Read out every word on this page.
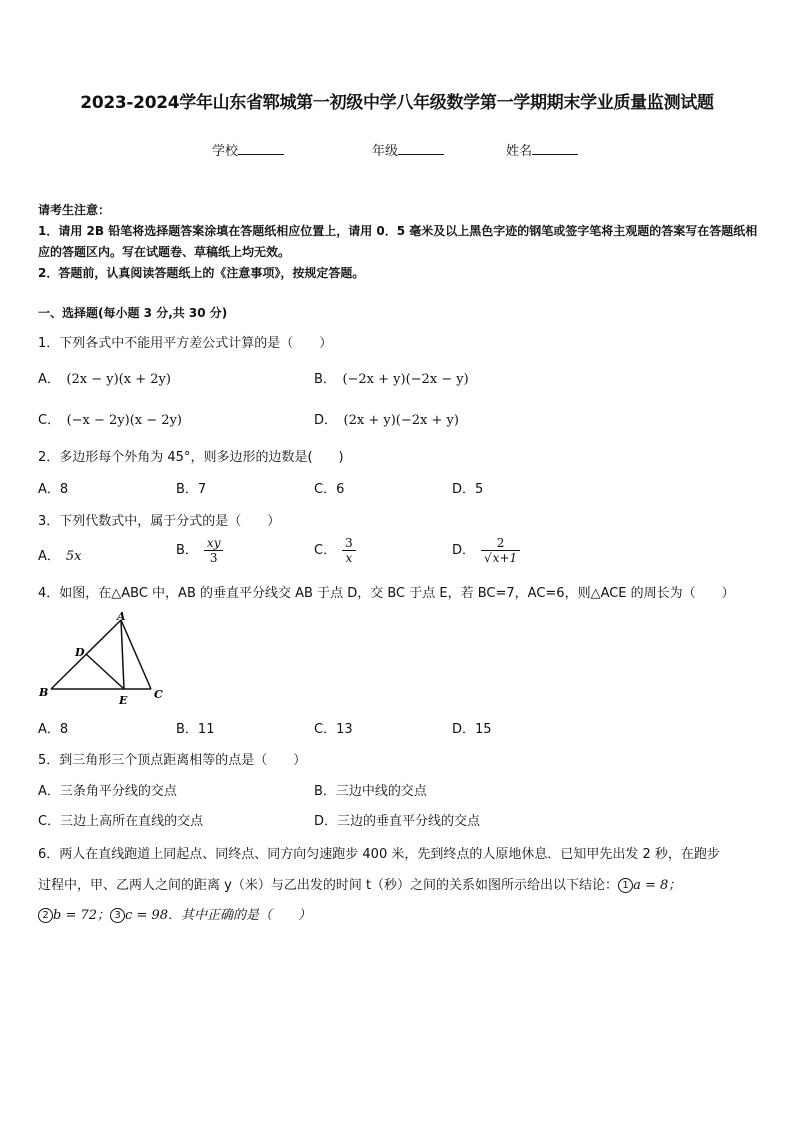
2023-2024学年山东省郓城第一初级中学八年级数学第一学期期末学业质量监测试题
学校	年级	姓名
请考生注意：
1．请用 2B 铅笔将选择题答案涂填在答题纸相应位置上，请用 0．5 毫米及以上黑色字迹的钢笔或签字笔将主观题的答案写在答题纸相应的答题区内。写在试题卷、草稿纸上均无效。
2．答题前，认真阅读答题纸上的《注意事项》，按规定答题。
一、选择题(每小题 3 分,共 30 分)
1．下列各式中不能用平方差公式计算的是（　　）
A．　 (2x − y)(x + 2y)	B．　 (−2x + y)(−2x − y)
C．　 (−x − 2y)(x − 2y)	D．　 (2x + y)(−2x + y)
2．多边形每个外角为 45°，则多边形的边数是(　　)
A．8	B．7	C．6	D．5
3．下列代数式中，属于分式的是（　　）
A． 5x	B． $\frac{xy}{3}$	C． $\frac{3}{x}$	D． $\frac{2}{√x+1}$
4．如图，在△ABC 中，AB 的垂直平分线交 AB 于点 D，交 BC 于点 E，若 BC=7，AC=6，则△ACE 的周长为（　　）
A
B	C
D
E
A．8	B．11	C．13	D．15
5．到三角形三个顶点距离相等的点是（　　）
A．三条角平分线的交点	B．三边中线的交点
C．三边上高所在直线的交点	D．三边的垂直平分线的交点
6．两人在直线跑道上同起点、同终点、同方向匀速跑步 400 米，先到终点的人原地休息．已知甲先出发 2 秒，在跑步
过程中，甲、乙两人之间的距离 y（米）与乙出发的时间 t（秒）之间的关系如图所示给出以下结论： 1 a = 8；
2 b = 72； 3 c = 98．其中正确的是（　　）
